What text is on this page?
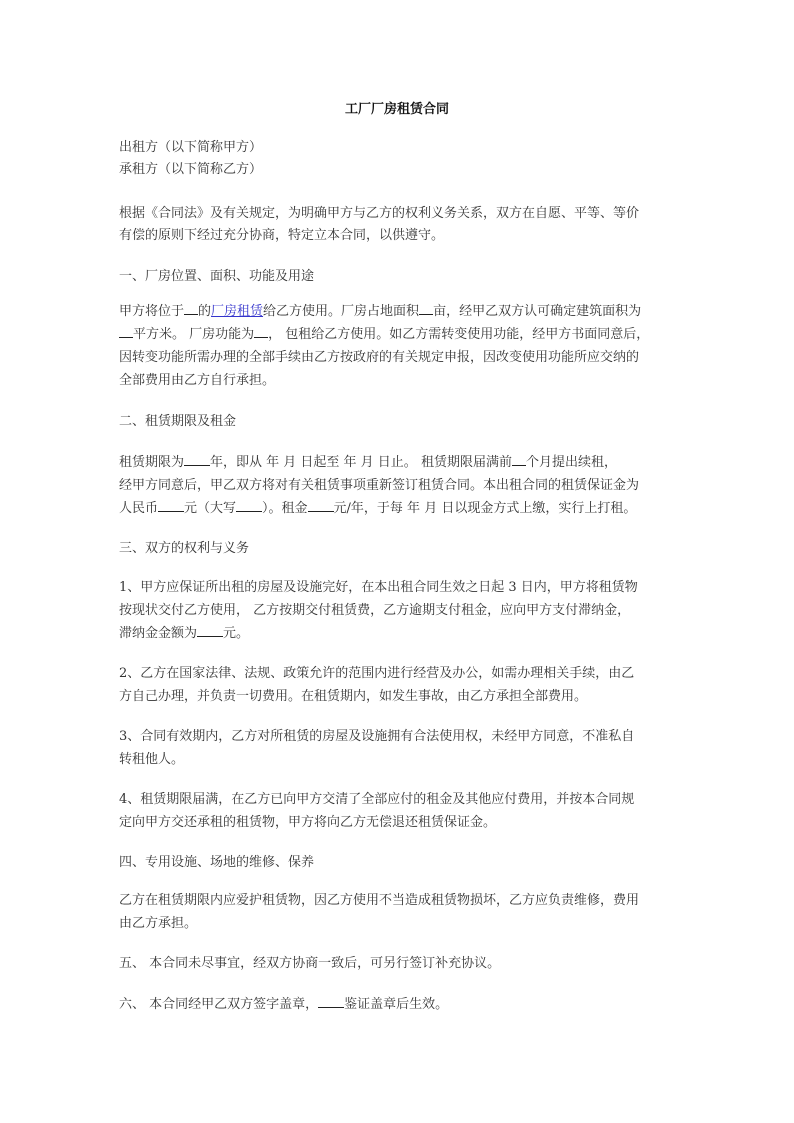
工厂厂房租赁合同
出租方（以下简称甲方）
承租方（以下简称乙方）
根据《合同法》及有关规定，为明确甲方与乙方的权利义务关系，双方在自愿、平等、等价
有偿的原则下经过充分协商，特定立本合同，以供遵守。
一、厂房位置、面积、功能及用途
甲方将位于 的厂房租赁给乙方使用。厂房占地面积 亩，经甲乙双方认可确定建筑面积为
平方米。 厂房功能为 ， 包租给乙方使用。如乙方需转变使用功能，经甲方书面同意后，
因转变功能所需办理的全部手续由乙方按政府的有关规定申报，因改变使用功能所应交纳的
全部费用由乙方自行承担。
二、租赁期限及租金
租赁期限为 年，即从 年 月 日起至 年 月 日止。 租赁期限届满前 个月提出续租，
经甲方同意后，甲乙双方将对有关租赁事项重新签订租赁合同。本出租合同的租赁保证金为
人民币 元（大写 ）。租金 元/年，于每 年 月 日以现金方式上缴，实行上打租。
三、双方的权利与义务
1、甲方应保证所出租的房屋及设施完好，在本出租合同生效之日起 3 日内，甲方将租赁物
按现状交付乙方使用， 乙方按期交付租赁费，乙方逾期支付租金，应向甲方支付滞纳金，
滞纳金金额为 元。
2、乙方在国家法律、法规、政策允许的范围内进行经营及办公，如需办理相关手续，由乙
方自己办理，并负责一切费用。在租赁期内，如发生事故，由乙方承担全部费用。
3、合同有效期内，乙方对所租赁的房屋及设施拥有合法使用权，未经甲方同意，不准私自
转租他人。
4、租赁期限届满，在乙方已向甲方交清了全部应付的租金及其他应付费用，并按本合同规
定向甲方交还承租的租赁物，甲方将向乙方无偿退还租赁保证金。
四、专用设施、场地的维修、保养
乙方在租赁期限内应爱护租赁物，因乙方使用不当造成租赁物损坏，乙方应负责维修，费用
由乙方承担。
五、 本合同未尽事宜，经双方协商一致后，可另行签订补充协议。
六、 本合同经甲乙双方签字盖章， 鉴证盖章后生效。
